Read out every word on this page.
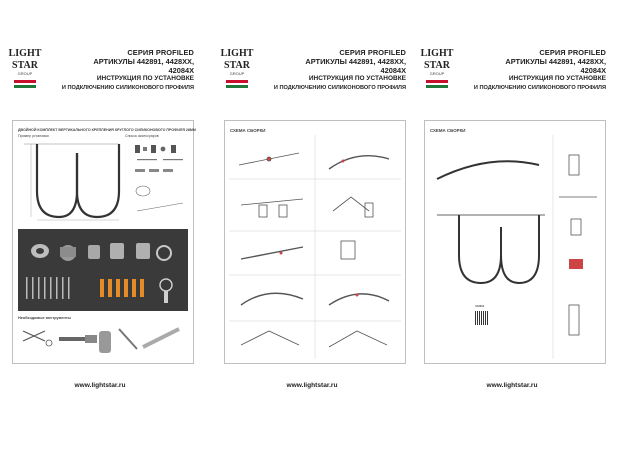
LIGHT
STAR
GROUP
СЕРИЯ PROFILED
АРТИКУЛЫ 442891, 4428XX,
42084X
ИНСТРУКЦИЯ ПО УСТАНОВКЕ
И ПОДКЛЮЧЕНИЮ СИЛИКОНОВОГО ПРОФИЛЯ
ДВОЙНОЙ КОМПЛЕКТ ВЕРТИКАЛЬНОГО КРЕПЛЕНИЯ КРУГЛОГО СИЛИКОНОВОГО ПРОФИЛЯ 28ММ
Пример установки	Список аксессуаров
Необходимые инструменты
www.lightstar.ru
LIGHT
STAR
GROUP
СЕРИЯ PROFILED
АРТИКУЛЫ 442891, 4428XX,
42084X
ИНСТРУКЦИЯ ПО УСТАНОВКЕ
И ПОДКЛЮЧЕНИЮ СИЛИКОНОВОГО ПРОФИЛЯ
СХЕМА СБОРКИ
www.lightstar.ru
LIGHT
STAR
GROUP
СЕРИЯ PROFILED
АРТИКУЛЫ 442891, 4428XX,
42084X
ИНСТРУКЦИЯ ПО УСТАНОВКЕ
И ПОДКЛЮЧЕНИЮ СИЛИКОНОВОГО ПРОФИЛЯ
СХЕМА СБОРКИ
442891
www.lightstar.ru
